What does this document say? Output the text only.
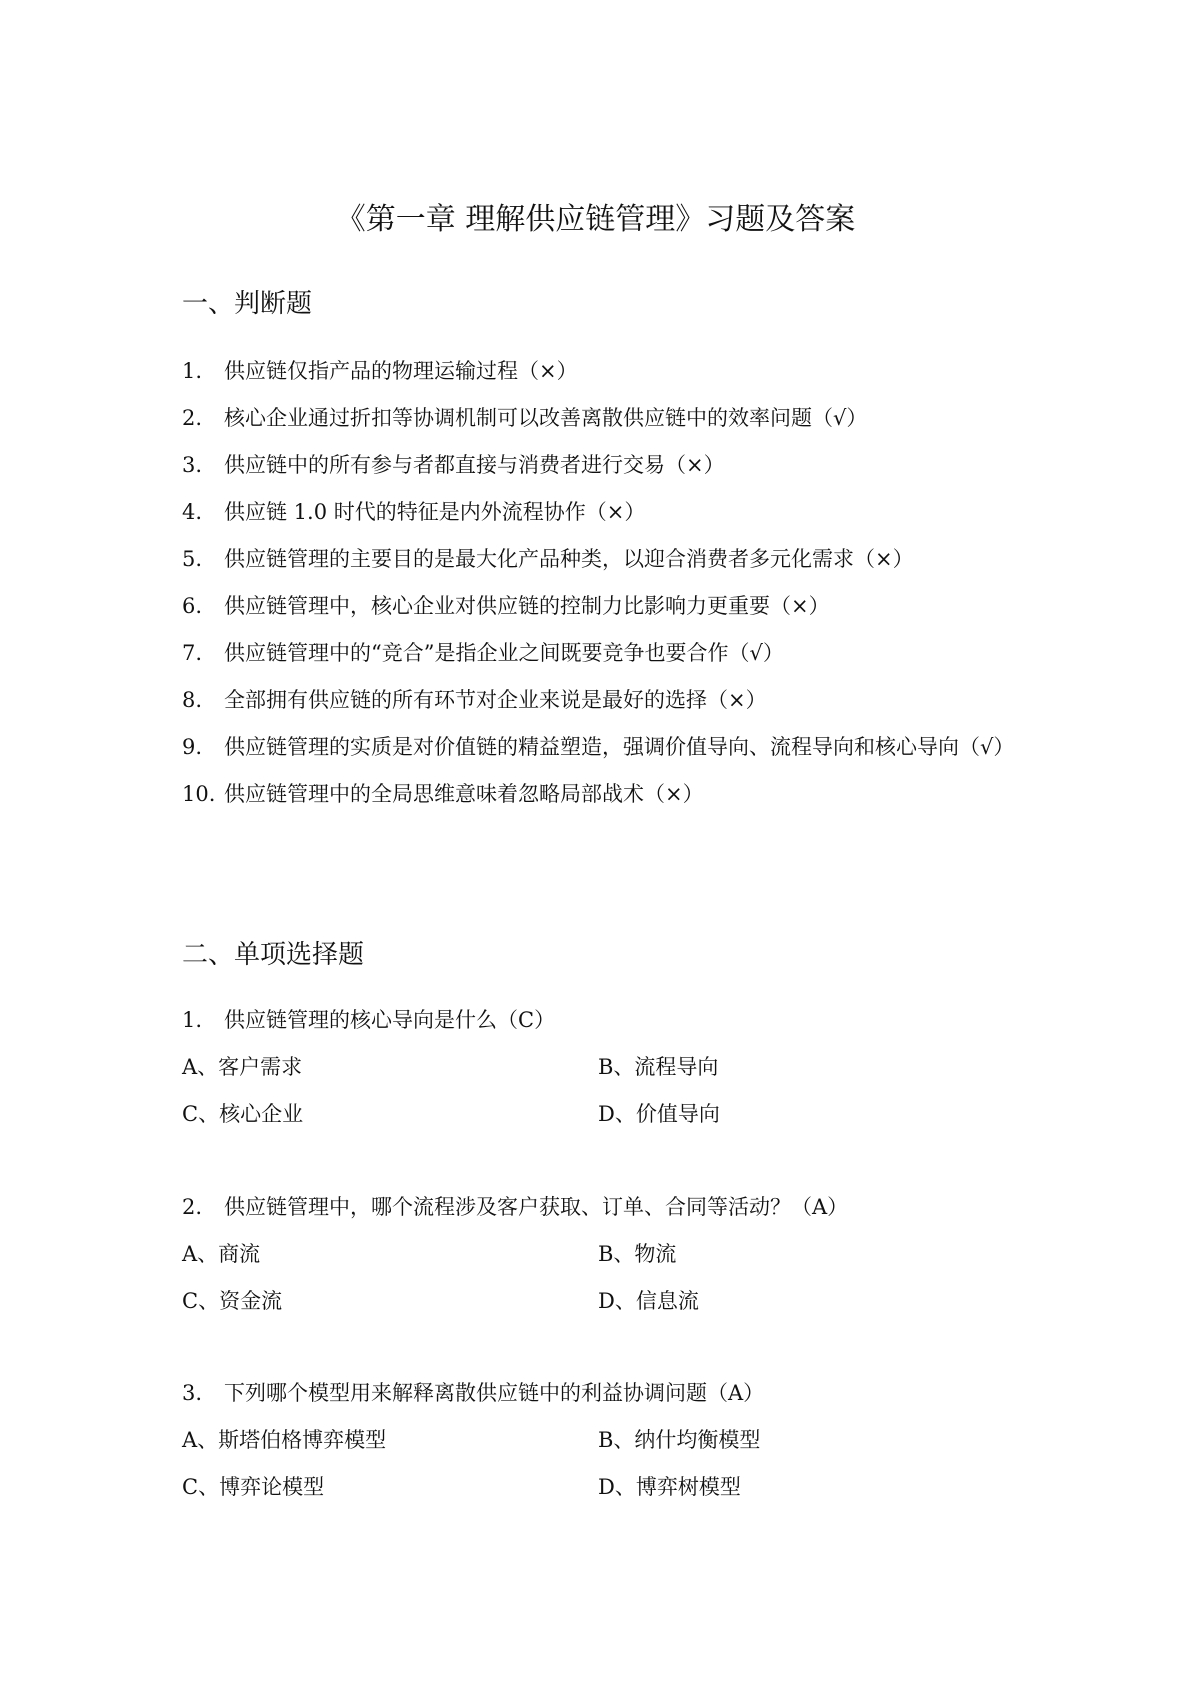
《第一章 理解供应链管理》习题及答案
一、判断题
1. 供应链仅指产品的物理运输过程（×）
2. 核心企业通过折扣等协调机制可以改善离散供应链中的效率问题（√）
3. 供应链中的所有参与者都直接与消费者进行交易（×）
4. 供应链 1.0 时代的特征是内外流程协作（×）
5. 供应链管理的主要目的是最大化产品种类，以迎合消费者多元化需求（×）
6. 供应链管理中，核心企业对供应链的控制力比影响力更重要（×）
7. 供应链管理中的“竞合”是指企业之间既要竞争也要合作（√）
8. 全部拥有供应链的所有环节对企业来说是最好的选择（×）
9. 供应链管理的实质是对价值链的精益塑造，强调价值导向、流程导向和核心导向（√）
10. 供应链管理中的全局思维意味着忽略局部战术（×）
二、单项选择题
1. 供应链管理的核心导向是什么（C）
A、客户需求	B、流程导向
C、核心企业	D、价值导向
2. 供应链管理中，哪个流程涉及客户获取、订单、合同等活动？（A）
A、商流	B、物流
C、资金流	D、信息流
3. 下列哪个模型用来解释离散供应链中的利益协调问题（A）
A、斯塔伯格博弈模型	B、纳什均衡模型
C、博弈论模型	D、博弈树模型
